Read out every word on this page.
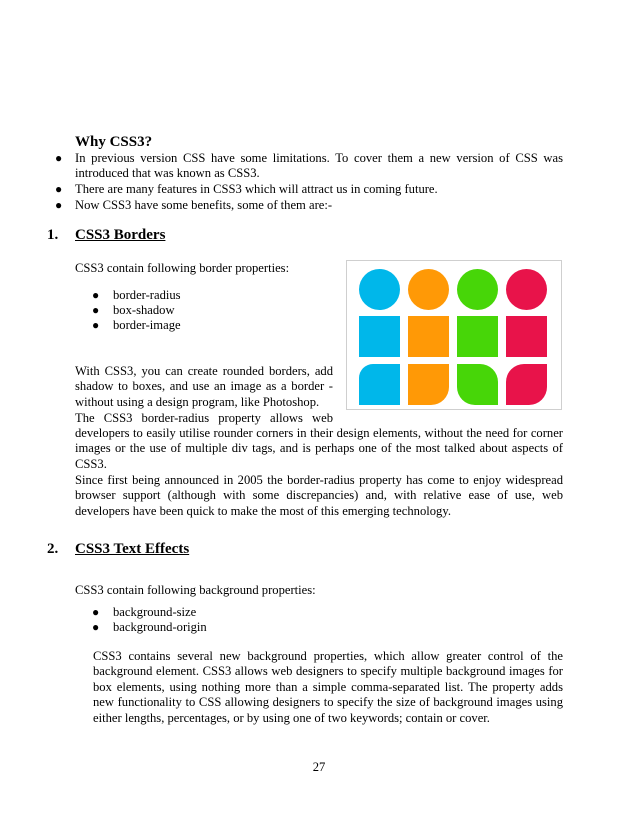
Why CSS3?
● In previous version CSS have some limitations. To cover them a new version of CSS was introduced that was known as CSS3.
● There are many features in CSS3 which will attract us in coming future.
● Now CSS3 have some benefits, some of them are:-
1. CSS3 Borders
CSS3 contain following border properties:
● border-radius
● box-shadow
● border-image
With CSS3, you can create rounded borders, add
shadow to boxes, and use an image as a border -
without using a design program, like Photoshop.
The CSS3 border-radius property allows web
developers to easily utilise rounder corners in their design elements, without the need for corner images or the use of multiple div tags, and is perhaps one of the most talked about aspects of CSS3.
Since first being announced in 2005 the border-radius property has come to enjoy widespread browser support (although with some discrepancies) and, with relative ease of use, web developers have been quick to make the most of this emerging technology.
2. CSS3 Text Effects
CSS3 contain following background properties:
● background-size
● background-origin
CSS3 contains several new background properties, which allow greater control of the background element. CSS3 allows web designers to specify multiple background images for box elements, using nothing more than a simple comma-separated list. The property adds new functionality to CSS allowing designers to specify the size of background images using either lengths, percentages, or by using one of two keywords; contain or cover.
27
